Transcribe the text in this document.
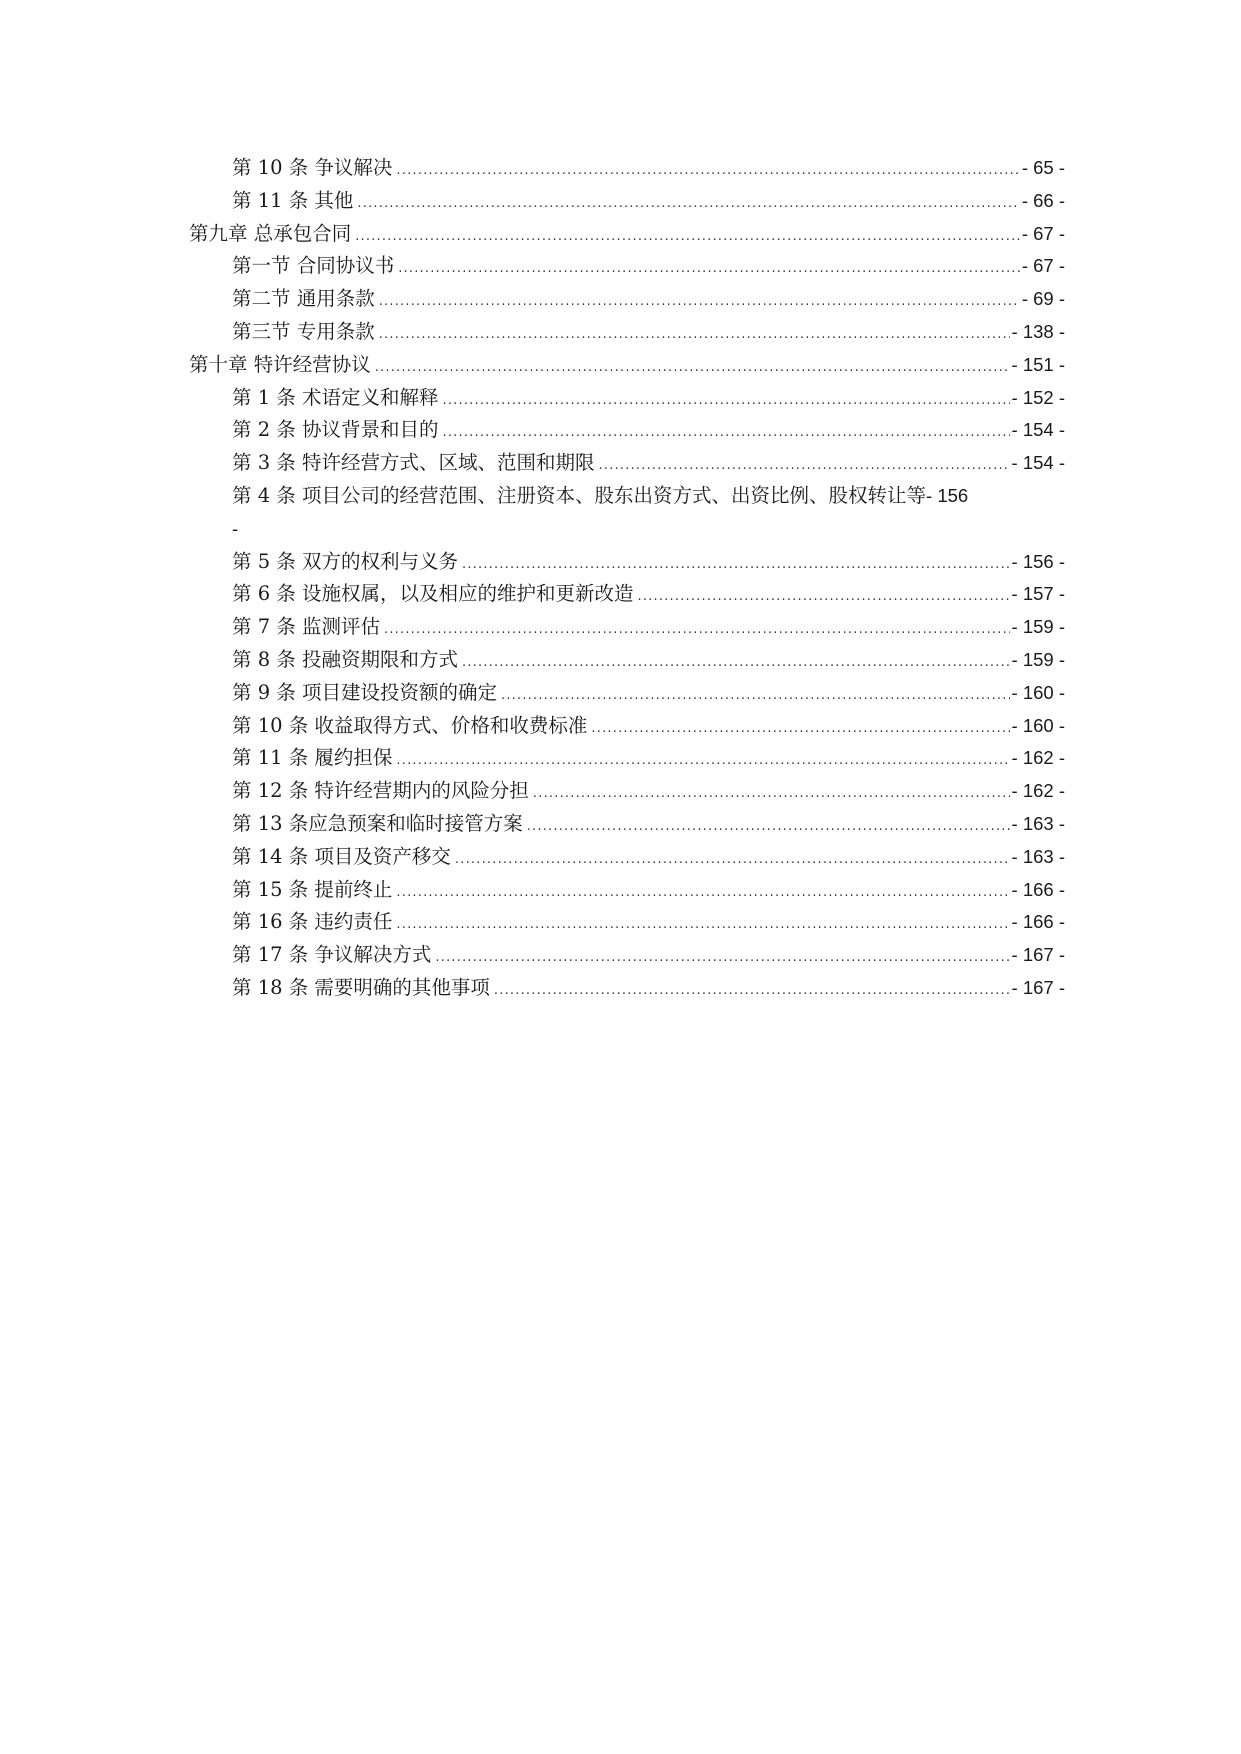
第 10 条 争议解决 .....	- 65 -
第 11 条 其他 .....	- 66 -
第九章 总承包合同 .....	- 67 -
第一节 合同协议书 .....	- 67 -
第二节 通用条款 .....	- 69 -
第三节 专用条款 .....	- 138 -
第十章 特许经营协议 .....	- 151 -
第 1 条 术语定义和解释 .....	- 152 -
第 2 条 协议背景和目的 .....	- 154 -
第 3 条 特许经营方式、区域、范围和期限 .....	- 154 -
第 4 条 项目公司的经营范围、注册资本、股东出资方式、出资比例、股权转让等 - 156
-
第 5 条 双方的权利与义务 .....	- 156 -
第 6 条 设施权属，以及相应的维护和更新改造 .....	- 157 -
第 7 条 监测评估 .....	- 159 -
第 8 条 投融资期限和方式 .....	- 159 -
第 9 条 项目建设投资额的确定 .....	- 160 -
第 10 条 收益取得方式、价格和收费标准 .....	- 160 -
第 11 条 履约担保 .....	- 162 -
第 12 条 特许经营期内的风险分担 .....	- 162 -
第 13 条应急预案和临时接管方案 .....	- 163 -
第 14 条 项目及资产移交 .....	- 163 -
第 15 条 提前终止 .....	- 166 -
第 16 条 违约责任 .....	- 166 -
第 17 条 争议解决方式 .....	- 167 -
第 18 条 需要明确的其他事项 .....	- 167 -
